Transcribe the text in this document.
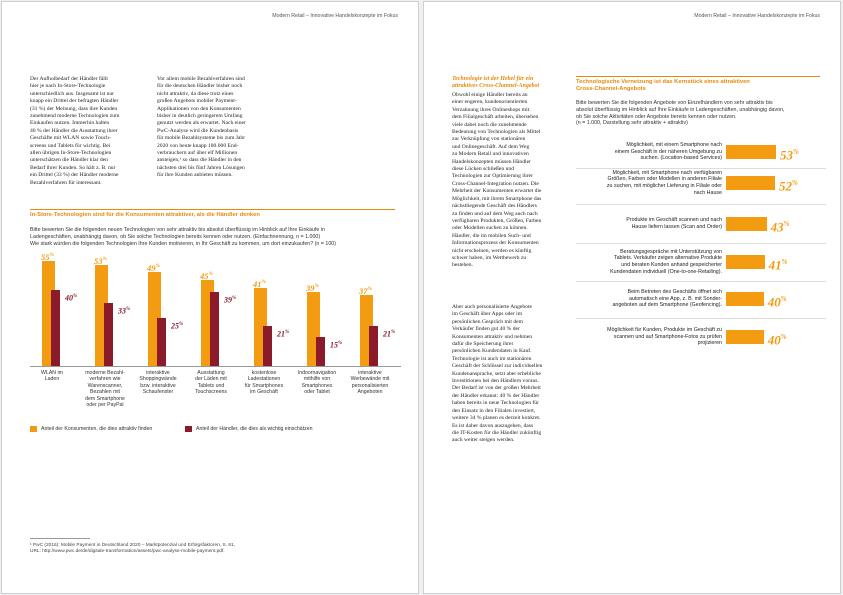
Modern Retail – Innovative Handelskonzepte im Fokus

Der Aufholbedarf der Händler fällt
hier je nach In-Store-Technologie
unterschiedlich aus. Insgesamt ist nur
knapp ein Drittel der befragten Händler
(31 %) der Meinung, dass ihre Kunden
zunehmend moderne Technologien zum
Einkaufen nutzen. Immerhin halten
40 % der Händler die Ausstattung ihrer
Geschäfte mit WLAN sowie Touch-
screens und Tablets für wichtig. Bei
allen übrigen In-Store-Technologien
unterschätzen die Händler klar den
Bedarf ihrer Kunden. So hält z. B. nur
ein Drittel (33 %) der Händler moderne
Bezahlverfahren für interessant.

Vor allem mobile Bezahlverfahren sind
für die deutschen Händler bisher noch
nicht attraktiv, da diese trotz eines
großen Angebots mobiler Payment-
Applikationen von den Konsumenten
bisher in deutlich geringerem Umfang
genutzt werden als erwartet. Nach einer
PwC-Analyse wird die Kundenbasis
für mobile Bezahlsysteme bis zum Jahr
2020 von heute knapp 180.000 End-
verbrauchern auf über elf Millionen
ansteigen,¹ so dass die Händler in den
nächsten drei bis fünf Jahren Lösungen
für ihre Kunden anbieten müssen.

In-Store-Technologien sind für die Konsumenten attraktiver, als die Händler denken

Bitte bewerten Sie die folgenden neuen Technologien von sehr attraktiv bis absolut überflüssig im Hinblick auf Ihre Einkäufe in
Ladengeschäften, unabhängig davon, ob Sie solche Technologien bereits kennen oder nutzen. (Einfachnennung, n = 1.000)
Wie stark würden die folgenden Technologien Ihre Kunden motivieren, in Ihr Geschäft zu kommen, um dort einzukaufen? (n = 100)

Anteil der Konsumenten, die dies attraktiv finden	Anteil der Händler, die dies als wichtig einschätzen
¹ PwC (2016): Mobile Payment in Deutschland 2020 – Marktpotenzial und Erfolgsfaktoren, S. 61,
URL: http://www.pwc.de/de/digitale-transformation/assets/pwc-analyse-mobile-payment.pdf.
55%
40%
WLAN im
Laden
53%
33%
moderne Bezahl-
verfahren wie
Warenscanner,
Bezahlen mit
dem Smartphone
oder per PayPal
49%
25%
interaktive
Shoppingwände
bzw. interaktive
Schaufenster
45%
39%
Ausstattung
der Läden mit
Tablets und
Touchscreens
41%
21%
kostenlose
Ladestationen
für Smartphones
im Geschäft
39%
15%
Indoornavigation
mithilfe von
Smartphones
oder Tablet
37%
21%
interaktive
Werbewände mit
personalisierten
Angeboten
Modern Retail – Innovative Handelskonzepte im Fokus

Technologie ist der Hebel für ein
attraktives Cross-Channel-Angebot

Obwohl einige Händler bereits an
einer engeren, kundenorientierten
Verzahnung ihres Onlineshops mit
dem Filialgeschäft arbeiten, übersehen
viele dabei noch die zunehmende
Bedeutung von Technologien als Mittel
zur Verknüpfung von stationären
und Onlinegeschäft. Auf dem Weg
zu Modern Retail und innovativen
Handelskonzepten müssen Händler
diese Lücken schließen und
Technologien zur Optimierung ihrer
Cross-Channel-Integration nutzen. Die
Mehrheit der Konsumenten erwartet die
Möglichkeit, mit ihrem Smartphone das
nächstliegende Geschäft des Händlers
zu finden und auf dem Weg auch nach
verfügbaren Produkten, Größen, Farben
oder Modellen suchen zu können.
Händler, die im mobilen Such- und
Informationsprozess der Konsumenten
nicht erscheinen, werden es künftig
schwer haben, im Wettbewerb zu
bestehen.

Aber auch personalisierte Angebote
im Geschäft über Apps oder im
persönlichen Gespräch mit dem
Verkäufer finden gut 40 % der
Konsumenten attraktiv und nehmen
dafür die Speicherung ihrer
persönlichen Kundendaten in Kauf.
Technologie ist auch im stationären
Geschäft der Schlüssel zur individuellen
Kundenansprache, setzt aber erhebliche
Investitionen bei den Händlern voraus.
Der Bedarf ist von der großen Mehrheit
der Händler erkannt: 40 % der Händler
haben bereits in neue Technologien für
den Einsatz in den Filialen investiert,
weitere 34 % planen es derzeit konkret.
Es ist daher davon auszugehen, dass
die IT-Kosten für die Händler zukünftig
auch weiter steigen werden.

Technologische Vernetzung ist das Kernstück eines attraktiven
Cross-Channel-Angebots

Bitte bewerten Sie die folgenden Angebote von Einzelhändlern von sehr attraktiv bis
absolut überflüssig im Hinblick auf Ihre Einkäufe in Ladengeschäften, unabhängig davon,
ob Sie solche Aktivitäten oder Angebote bereits kennen oder nutzen.
(n = 1.000, Darstellung sehr attraktiv + attraktiv)

Möglichkeit, mit einem Smartphone nach
einem Geschäft in der näheren Umgebung zu
suchen. (Location-based Services)	53%
Möglichkeit, mit Smartphone nach verfügbaren
Größen, Farben oder Modellen in anderen Filiale
zu suchen, mit möglicher Lieferung in Filiale oder
nach Hause	52%
Produkte im Geschäft scannen und nach
Hause liefern lassen (Scan and Order)	43%
Beratungsgespräche mit Unterstützung von
Tablets. Verkäufer zeigen alternative Produkte
und beraten Kunden anhand gespeicherter
Kundendaten individuell (One-to-one-Retailing).	41%
Beim Betreten des Geschäfts öffnet sich
automatisch eine App, z. B. mit Sonder-
angeboten auf dem Smartphone (Geofencing).	40%
Möglichkeit für Kunden, Produkte im Geschäft zu
scannen und auf Smartphone-Fotos zu prüfen
projizieren	40%
